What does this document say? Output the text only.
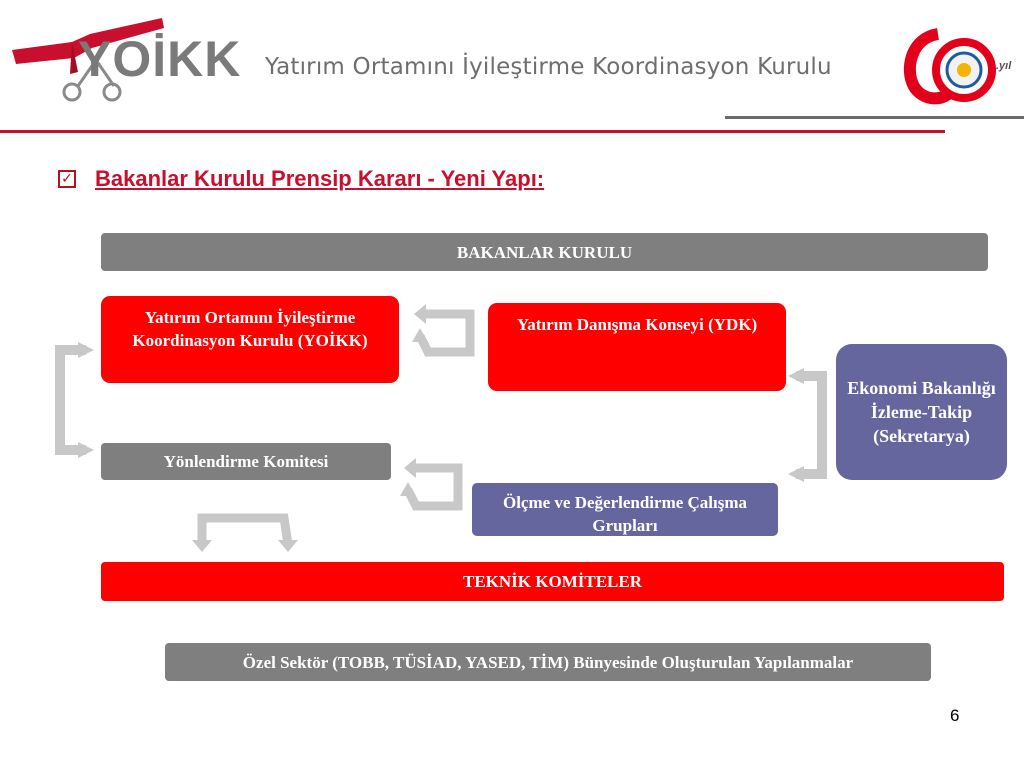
YOİKK Yatırım Ortamını İyileştirme Koordinasyon Kurulu	.yıl
✓ Bakanlar Kurulu Prensip Kararı - Yeni Yapı:
BAKANLAR KURULU
Yatırım Ortamını İyileştirme Koordinasyon Kurulu (YOİKK)
Yatırım Danışma Konseyi (YDK)
Ekonomi Bakanlığı İzleme-Takip (Sekretarya)
Yönlendirme Komitesi
Ölçme ve Değerlendirme Çalışma Grupları
TEKNİK KOMİTELER
Özel Sektör (TOBB, TÜSİAD, YASED, TİM) Bünyesinde Oluşturulan Yapılanmalar
6
